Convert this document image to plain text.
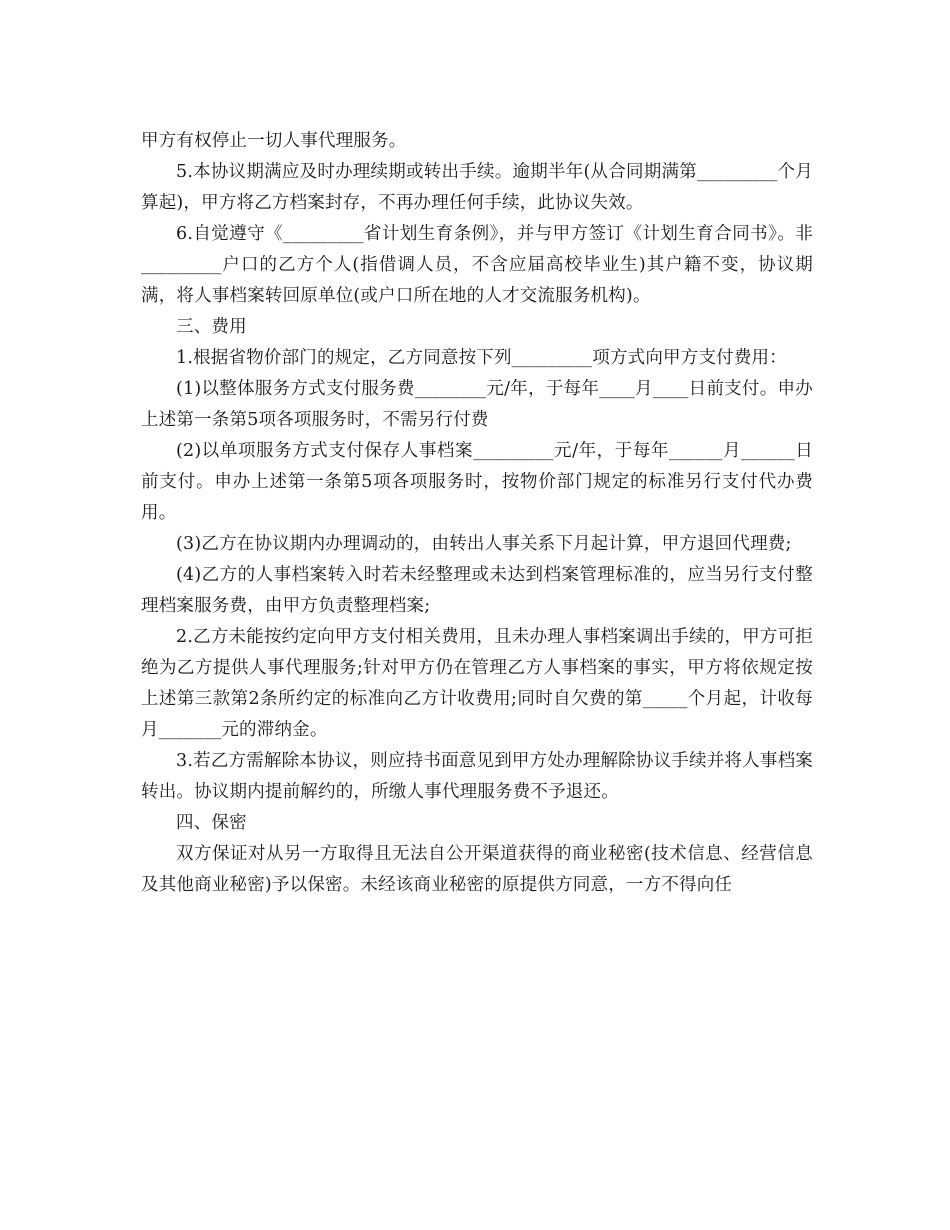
甲方有权停止一切人事代理服务。

5.本协议期满应及时办理续期或转出手续。逾期半年(从合同期满第_________个月算起)，甲方将乙方档案封存，不再办理任何手续，此协议失效。

6.自觉遵守《_________省计划生育条例》，并与甲方签订《计划生育合同书》。非_________户口的乙方个人(指借调人员，不含应届高校毕业生)其户籍不变，协议期满，将人事档案转回原单位(或户口所在地的人才交流服务机构)。

三、费用

1.根据省物价部门的规定，乙方同意按下列_________项方式向甲方支付费用：

(1)以整体服务方式支付服务费________元/年，于每年____月____日前支付。申办上述第一条第5项各项服务时，不需另行付费

(2)以单项服务方式支付保存人事档案_________元/年，于每年______月______日前支付。申办上述第一条第5项各项服务时，按物价部门规定的标准另行支付代办费用。

(3)乙方在协议期内办理调动的，由转出人事关系下月起计算，甲方退回代理费;

(4)乙方的人事档案转入时若未经整理或未达到档案管理标准的，应当另行支付整理档案服务费，由甲方负责整理档案;

2.乙方未能按约定向甲方支付相关费用，且未办理人事档案调出手续的，甲方可拒绝为乙方提供人事代理服务;针对甲方仍在管理乙方人事档案的事实，甲方将依规定按上述第三款第2条所约定的标准向乙方计收费用;同时自欠费的第_____个月起，计收每月_______元的滞纳金。

3.若乙方需解除本协议，则应持书面意见到甲方处办理解除协议手续并将人事档案转出。协议期内提前解约的，所缴人事代理服务费不予退还。

四、保密

双方保证对从另一方取得且无法自公开渠道获得的商业秘密(技术信息、经营信息及其他商业秘密)予以保密。未经该商业秘密的原提供方同意，一方不得向任
